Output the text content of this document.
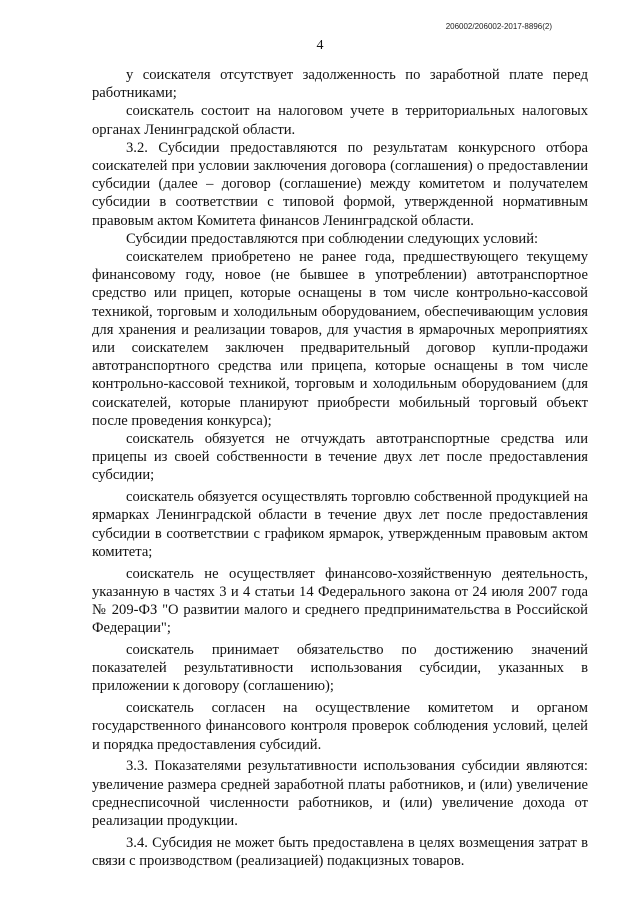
206002/206002-2017-8896(2)
4

у соискателя отсутствует задолженность по заработной плате перед работниками;

соискатель состоит на налоговом учете в территориальных налоговых органах Ленинградской области.

3.2. Субсидии предоставляются по результатам конкурсного отбора соискателей при условии заключения договора (соглашения) о предоставлении субсидии (далее – договор (соглашение) между комитетом и получателем субсидии в соответствии с типовой формой, утвержденной нормативным правовым актом Комитета финансов Ленинградской области.

Субсидии предоставляются при соблюдении следующих условий:

соискателем приобретено не ранее года, предшествующего текущему финансовому году, новое (не бывшее в употреблении) автотранспортное средство или прицеп, которые оснащены в том числе контрольно-кассовой техникой, торговым и холодильным оборудованием, обеспечивающим условия для хранения и реализации товаров, для участия в ярмарочных мероприятиях или соискателем заключен предварительный договор купли-продажи автотранспортного средства или прицепа, которые оснащены в том числе контрольно-кассовой техникой, торговым и холодильным оборудованием (для соискателей, которые планируют приобрести мобильный торговый объект после проведения конкурса);

соискатель обязуется не отчуждать автотранспортные средства или прицепы из своей собственности в течение двух лет после предоставления субсидии;

соискатель обязуется осуществлять торговлю собственной продукцией на ярмарках Ленинградской области в течение двух лет после предоставления субсидии в соответствии с графиком ярмарок, утвержденным правовым актом комитета;

соискатель не осуществляет финансово-хозяйственную деятельность, указанную в частях 3 и 4 статьи 14 Федерального закона от 24 июля 2007 года № 209-ФЗ "О развитии малого и среднего предпринимательства в Российской Федерации";

соискатель принимает обязательство по достижению значений показателей результативности использования субсидии, указанных в приложении к договору (соглашению);

соискатель согласен на осуществление комитетом и органом государственного финансового контроля проверок соблюдения условий, целей и порядка предоставления субсидий.

3.3. Показателями результативности использования субсидии являются: увеличение размера средней заработной платы работников, и (или) увеличение среднесписочной численности работников, и (или) увеличение дохода от реализации продукции.

3.4. Субсидия не может быть предоставлена в целях возмещения затрат в связи с производством (реализацией) подакцизных товаров.
